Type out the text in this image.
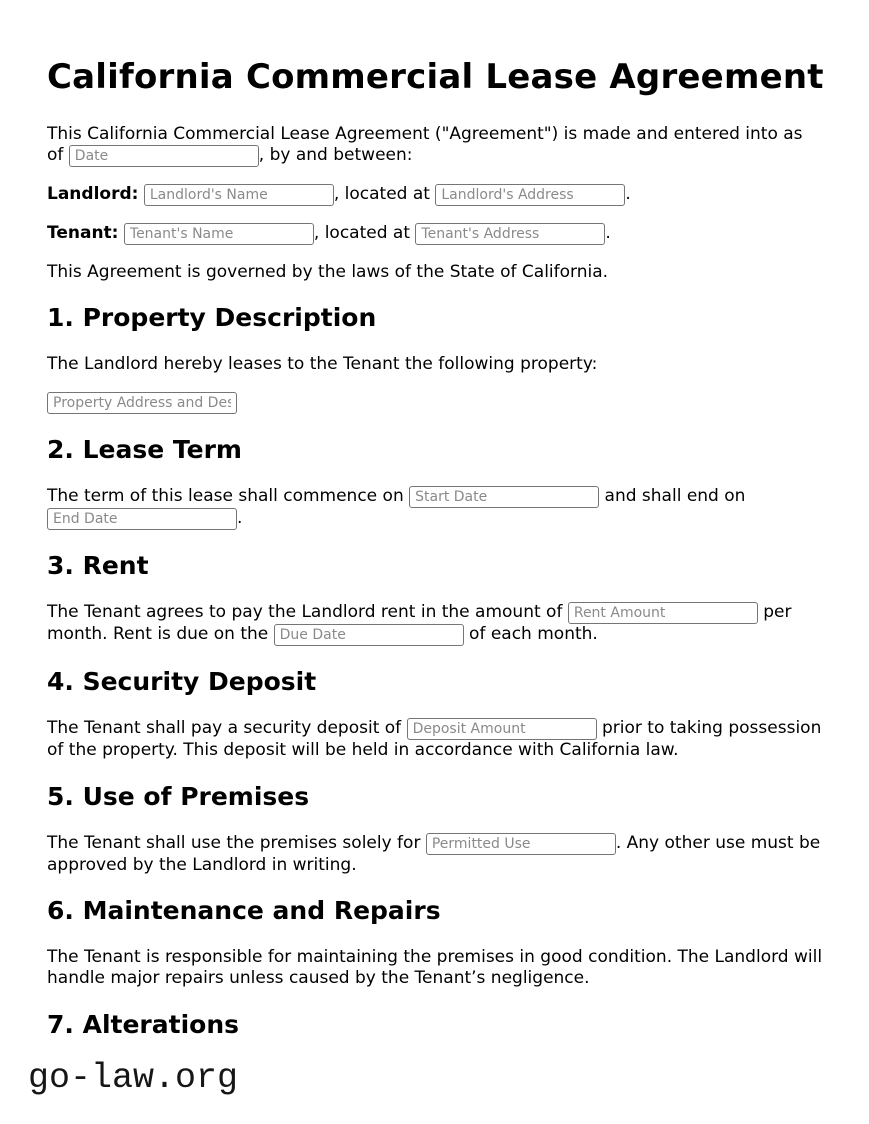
California Commercial Lease Agreement

This California Commercial Lease Agreement ("Agreement") is made and entered into as of Date	, by and between:

Landlord: Landlord's Name	, located at Landlord's Address	.

Tenant: Tenant's Name	, located at Tenant's Address	.

This Agreement is governed by the laws of the State of California.

1. Property Description

The Landlord hereby leases to the Tenant the following property:

Property Address and Description

2. Lease Term

The term of this lease shall commence on Start Date	and shall end on End Date.

3. Rent

The Tenant agrees to pay the Landlord rent in the amount of Rent Amount	per month. Rent is due on the Due Date	of each month.

4. Security Deposit

The Tenant shall pay a security deposit of Deposit Amount	prior to taking possession of the property. This deposit will be held in accordance with California law.

5. Use of Premises

The Tenant shall use the premises solely for Permitted Use	. Any other use must be approved by the Landlord in writing.

6. Maintenance and Repairs

The Tenant is responsible for maintaining the premises in good condition. The Landlord will handle major repairs unless caused by the Tenant’s negligence.

7. Alterations
go-law.org
